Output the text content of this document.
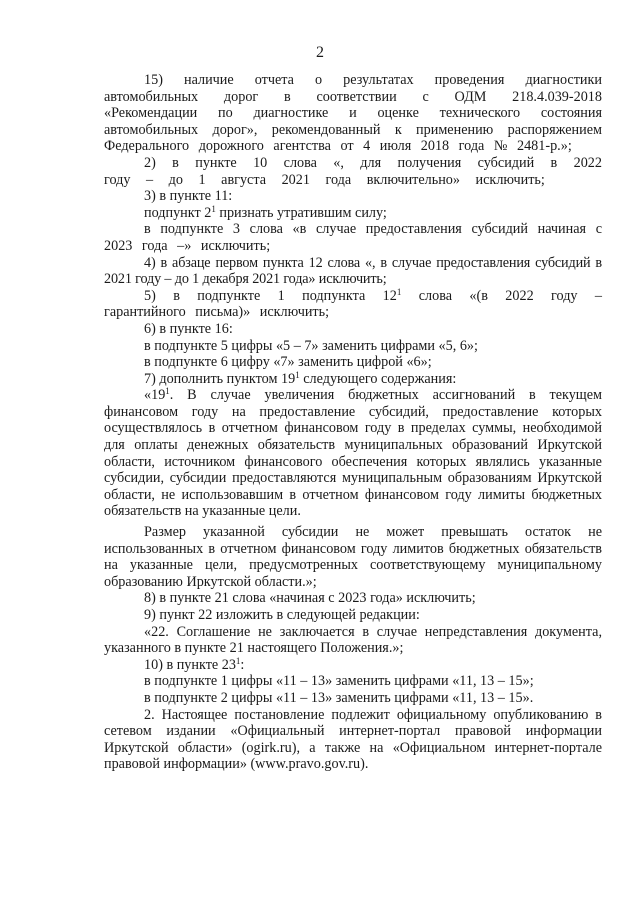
2

15) наличие отчета о результатах проведения диагностики автомобильных дорог в соответствии с ОДМ 218.4.039-2018 «Рекомендации по диагностике и оценке технического состояния автомобильных дорог», рекомендованный к применению распоряжением Федерального дорожного агентства от 4 июля 2018 года № 2481-р.»;

2) в пункте 10 слова «, для получения субсидий в 2022 году – до 1 августа 2021 года включительно» исключить;

3) в пункте 11:

подпункт $2^1$ признать утратившим силу;

в подпункте 3 слова «в случае предоставления субсидий начиная с 2023 года –» исключить;

4) в абзаце первом пункта 12 слова «, в случае предоставления субсидий в 2021 году – до 1 декабря 2021 года» исключить;

5) в подпункте 1 подпункта $12^1$ слова «(в 2022 году – гарантийного письма)» исключить;

6) в пункте 16:

в подпункте 5 цифры «5 – 7» заменить цифрами «5, 6»;

в подпункте 6 цифру «7» заменить цифрой «6»;

7) дополнить пунктом $19^1$ следующего содержания:

«$19^1$. В случае увеличения бюджетных ассигнований в текущем финансовом году на предоставление субсидий, предоставление которых осуществлялось в отчетном финансовом году в пределах суммы, необходимой для оплаты денежных обязательств муниципальных образований Иркутской области, источником финансового обеспечения которых являлись указанные субсидии, субсидии предоставляются муниципальным образованиям Иркутской области, не использовавшим в отчетном финансовом году лимиты бюджетных обязательств на указанные цели.

Размер указанной субсидии не может превышать остаток не использованных в отчетном финансовом году лимитов бюджетных обязательств на указанные цели, предусмотренных соответствующему муниципальному образованию Иркутской области.»;

8) в пункте 21 слова «начиная с 2023 года» исключить;

9) пункт 22 изложить в следующей редакции:

«22. Соглашение не заключается в случае непредставления документа, указанного в пункте 21 настоящего Положения.»;

10) в пункте $23^1$:

в подпункте 1 цифры «11 – 13» заменить цифрами «11, 13 – 15»;

в подпункте 2 цифры «11 – 13» заменить цифрами «11, 13 – 15».

2. Настоящее постановление подлежит официальному опубликованию в сетевом издании «Официальный интернет-портал правовой информации Иркутской области» (ogirk.ru), а также на «Официальном интернет-портале правовой информации» (www.pravo.gov.ru).
